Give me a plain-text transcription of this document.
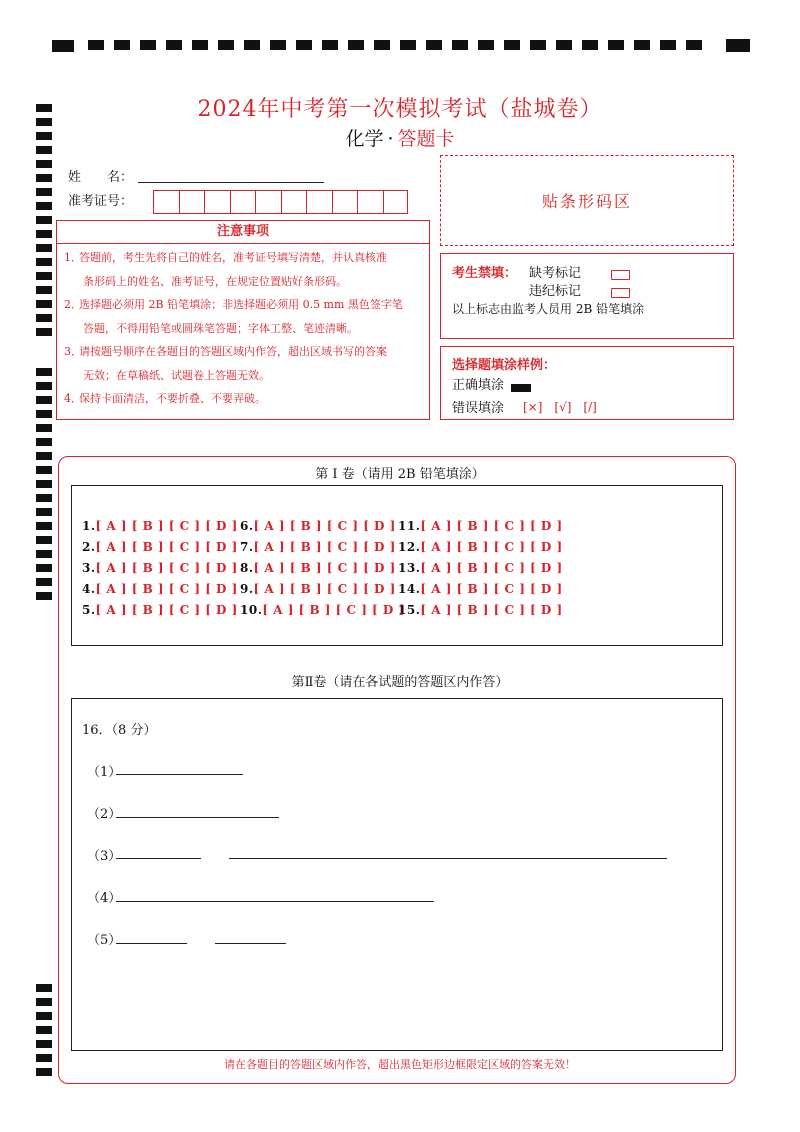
2024年中考第一次模拟考试（盐城卷）
化学 · 答题卡
姓　　名：
准考证号：	贴条形码区
注意事项
1．答题前，考生先将自己的姓名，准考证号填写清楚，并认真核准
条形码上的姓名、准考证号，在规定位置贴好条形码。
2．选择题必须用 2B 铅笔填涂；非选择题必须用 0.5 mm 黑色签字笔
答题，不得用铅笔或圆珠笔答题；字体工整、笔迹清晰。
3．请按题号顺序在各题目的答题区域内作答，超出区域书写的答案
无效；在草稿纸、试题卷上答题无效。
4．保持卡面清洁，不要折叠、不要弄破。
考生禁填： 缺考标记
违纪标记
以上标志由监考人员用 2B 铅笔填涂
选择题填涂样例：
正确填涂
错误填涂 [×]　[√]　[/]
第 I 卷（请用 2B 铅笔填涂）
1.[ A ] [ B ] [ C ] [ D ]
2.[ A ] [ B ] [ C ] [ D ]
3.[ A ] [ B ] [ C ] [ D ]
4.[ A ] [ B ] [ C ] [ D ]
5.[ A ] [ B ] [ C ] [ D ]
6.[ A ] [ B ] [ C ] [ D ]
7.[ A ] [ B ] [ C ] [ D ]
8.[ A ] [ B ] [ C ] [ D ]
9.[ A ] [ B ] [ C ] [ D ]
10.[ A ] [ B ] [ C ] [ D ]
11.[ A ] [ B ] [ C ] [ D ]
12.[ A ] [ B ] [ C ] [ D ]
13.[ A ] [ B ] [ C ] [ D ]
14.[ A ] [ B ] [ C ] [ D ]
15.[ A ] [ B ] [ C ] [ D ]
第Ⅱ卷（请在各试题的答题区内作答）
16．（8 分）
（1）
（2）
（3）
（4）
（5）
请在各题目的答题区域内作答，超出黑色矩形边框限定区域的答案无效！
